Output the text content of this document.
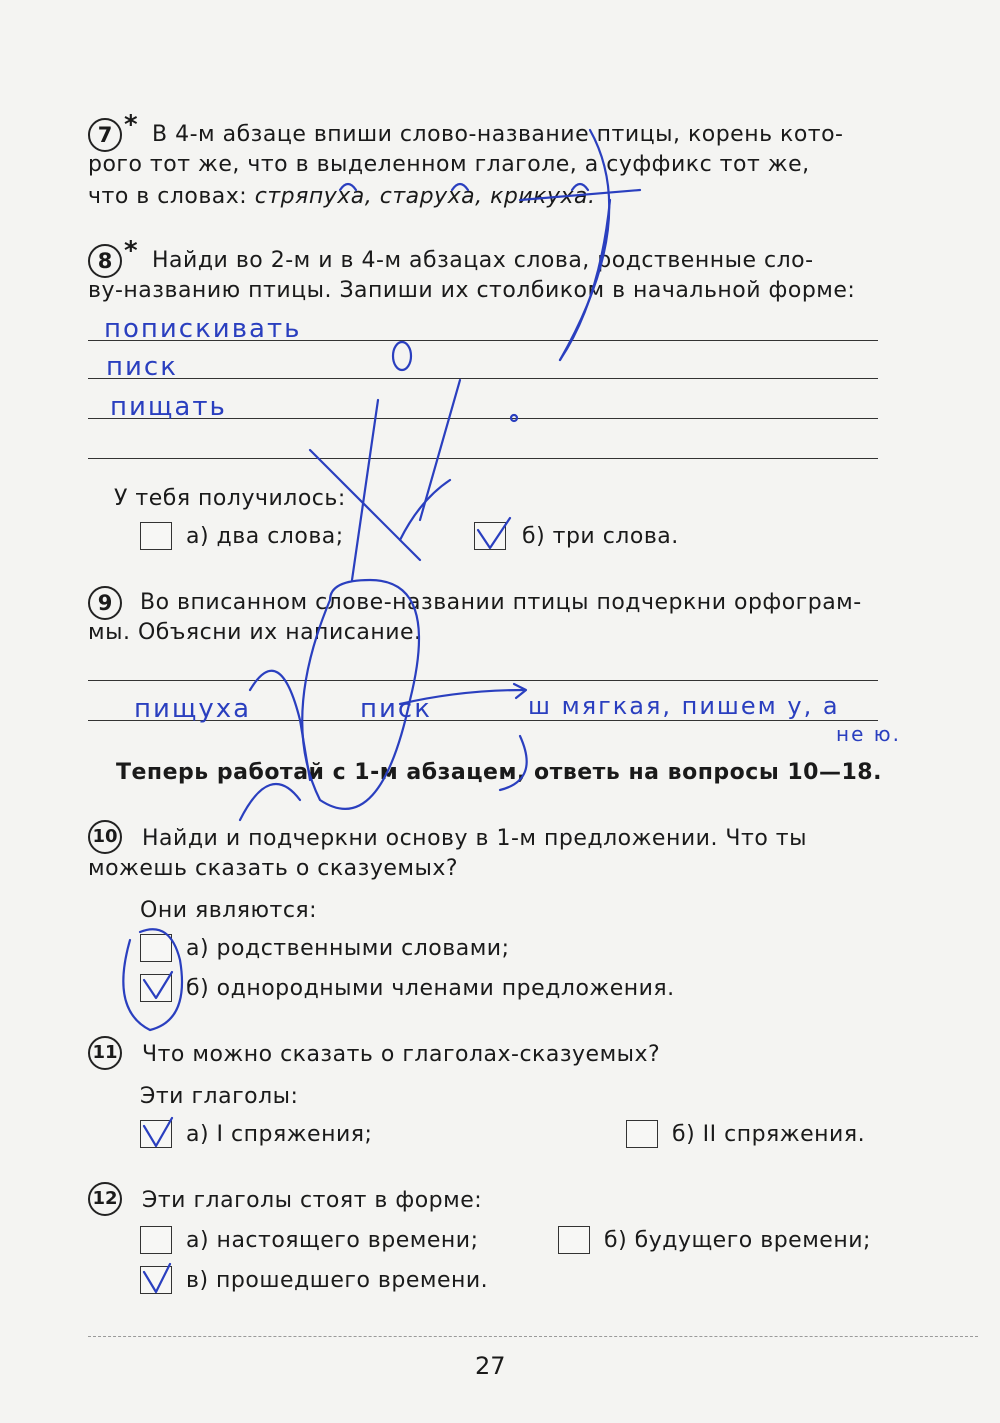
7 * В 4-м абзаце впиши слово-название птицы, корень кото-
рого тот же, что в выделенном глаголе, а суффикс тот же,
что в словах: стряпуха, старуха, крикуха.
8 * Найди во 2-м и в 4-м абзацах слова, родственные сло-
ву-названию птицы. Запиши их столбиком в начальной форме:
попискивать
писк
пищать
У тебя получилось:
а) два слова;	б) три слова.
9	Во вписанном слове-названии птицы подчеркни орфограм-
мы. Объясни их написание.
пищуха	писк	ш мягкая, пишем у, а
не ю.
Теперь работай с 1-м абзацем, ответь на вопросы 10—18.
10 Найди и подчеркни основу в 1-м предложении. Что ты
можешь сказать о сказуемых?
Они являются:
а) родственными словами;
б) однородными членами предложения.
11 Что можно сказать о глаголах-сказуемых?
Эти глаголы:
а) I спряжения;	б) II спряжения.
12 Эти глаголы стоят в форме:
а) настоящего времени;	б) будущего времени;
в) прошедшего времени.
27
